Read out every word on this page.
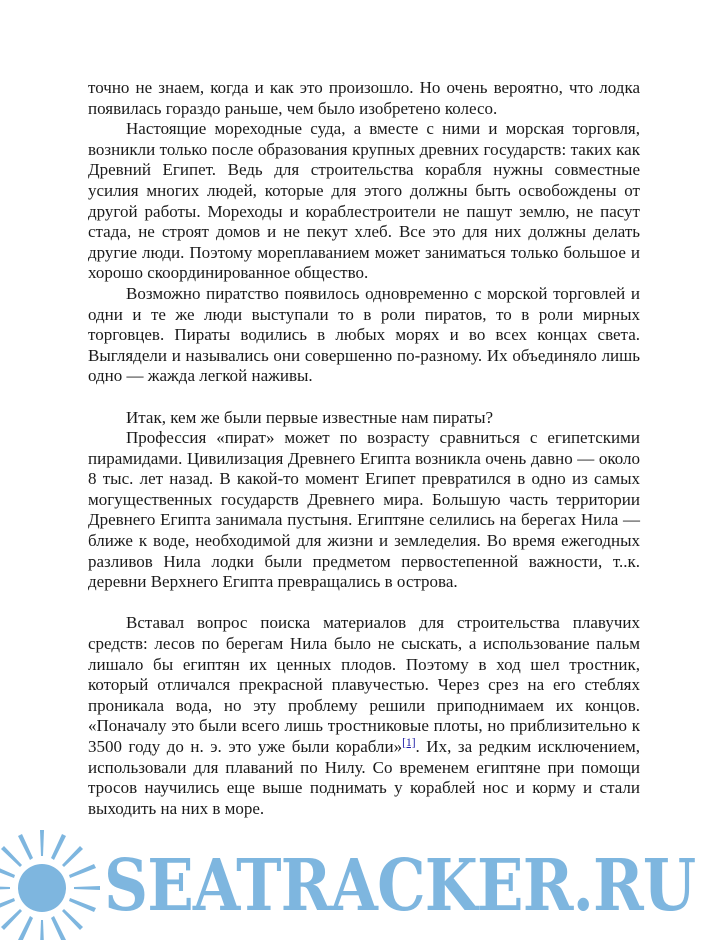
точно не знаем, когда и как это произошло. Но очень вероятно, что лодка появилась гораздо раньше, чем было изобретено колесо.

Настоящие мореходные суда, а вместе с ними и морская торговля, возникли только после образования крупных древних государств: таких как Древний Египет. Ведь для строительства корабля нужны совместные усилия многих людей, которые для этого должны быть освобождены от другой работы. Мореходы и кораблестроители не пашут землю, не пасут стада, не строят домов и не пекут хлеб. Все это для них должны делать другие люди. Поэтому мореплаванием может заниматься только большое и хорошо скоординированное общество.

Возможно пиратство появилось одновременно с морской торговлей и одни и те же люди выступали то в роли пиратов, то в роли мирных торговцев. Пираты водились в любых морях и во всех концах света. Выглядели и назывались они совершенно по-разному. Их объединяло лишь одно — жажда легкой наживы.

Итак, кем же были первые известные нам пираты?

Профессия «пират» может по возрасту сравниться с египетскими пирамидами. Цивилизация Древнего Египта возникла очень давно — около 8 тыс. лет назад. В какой-то момент Египет превратился в одно из самых могущественных государств Древнего мира. Большую часть территории Древнего Египта занимала пустыня. Египтяне селились на берегах Нила — ближе к воде, необходимой для жизни и земледелия. Во время ежегодных разливов Нила лодки были предметом первостепенной важности, т..к. деревни Верхнего Египта превращались в острова.

Вставал вопрос поиска материалов для строительства плавучих средств: лесов по берегам Нила было не сыскать, а использование пальм лишало бы египтян их ценных плодов. Поэтому в ход шел тростник, который отличался прекрасной плавучестью. Через срез на его стеблях проникала вода, но эту проблему решили приподнимаем их концов. «Поначалу это были всего лишь тростниковые плоты, но приблизительно к 3500 году до н. э. это уже были корабли»[1]. Их, за редким исключением, использовали для плаваний по Нилу. Со временем египтяне при помощи тросов научились еще выше поднимать у кораблей нос и корму и стали выходить на них в море.

SEATRACKER.RU
